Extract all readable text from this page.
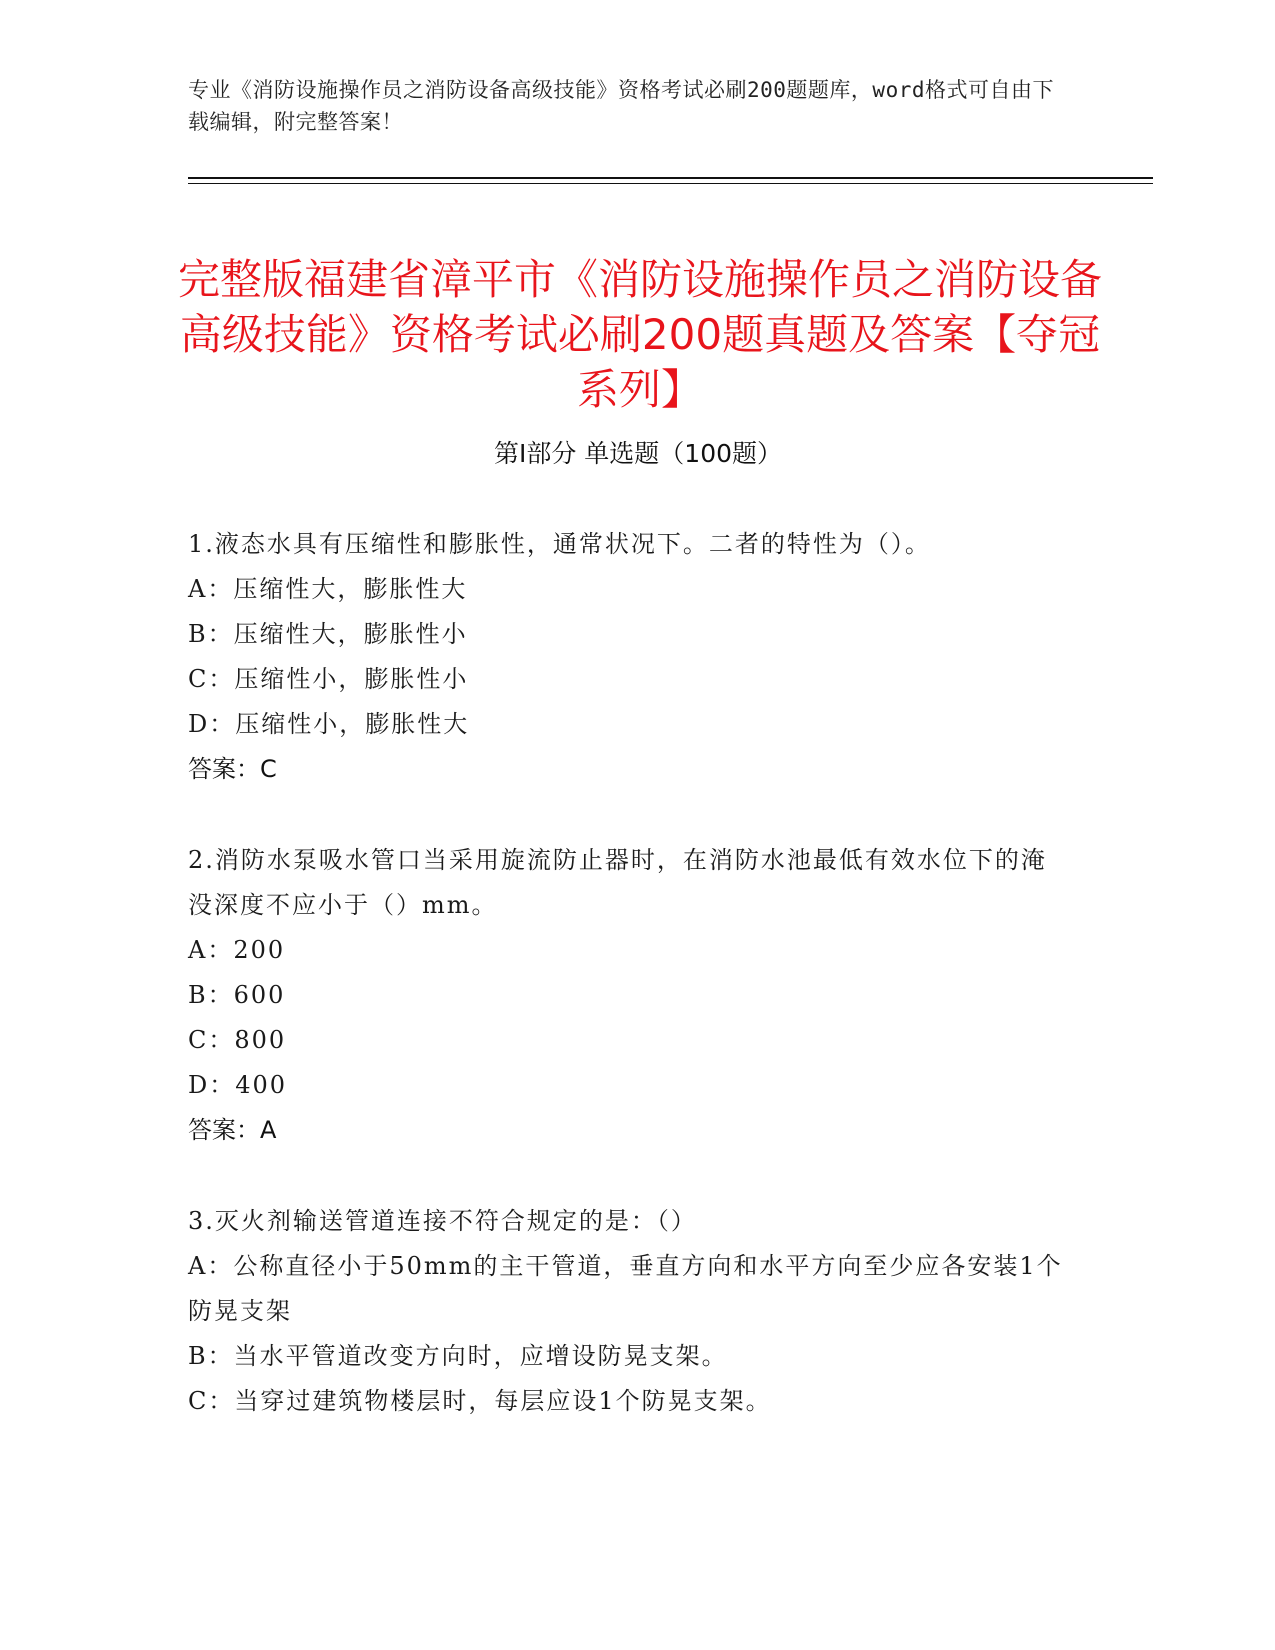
专业《消防设施操作员之消防设备高级技能》资格考试必刷200题题库，word格式可自由下载编辑，附完整答案！
完整版福建省漳平市《消防设施操作员之消防设备高级技能》资格考试必刷200题真题及答案【夺冠系列】
第Ⅰ部分 单选题（100题）
1.液态水具有压缩性和膨胀性，通常状况下。二者的特性为（）。
A：压缩性大，膨胀性大
B：压缩性大，膨胀性小
C：压缩性小，膨胀性小
D：压缩性小，膨胀性大
答案：C
2.消防水泵吸水管口当采用旋流防止器时，在消防水池最低有效水位下的淹没深度不应小于（）mm。
A：200
B：600
C：800
D：400
答案：A
3.灭火剂输送管道连接不符合规定的是：（）
A：公称直径小于50mm的主干管道，垂直方向和水平方向至少应各安装1个防晃支架
B：当水平管道改变方向时，应增设防晃支架。
C：当穿过建筑物楼层时，每层应设1个防晃支架。
